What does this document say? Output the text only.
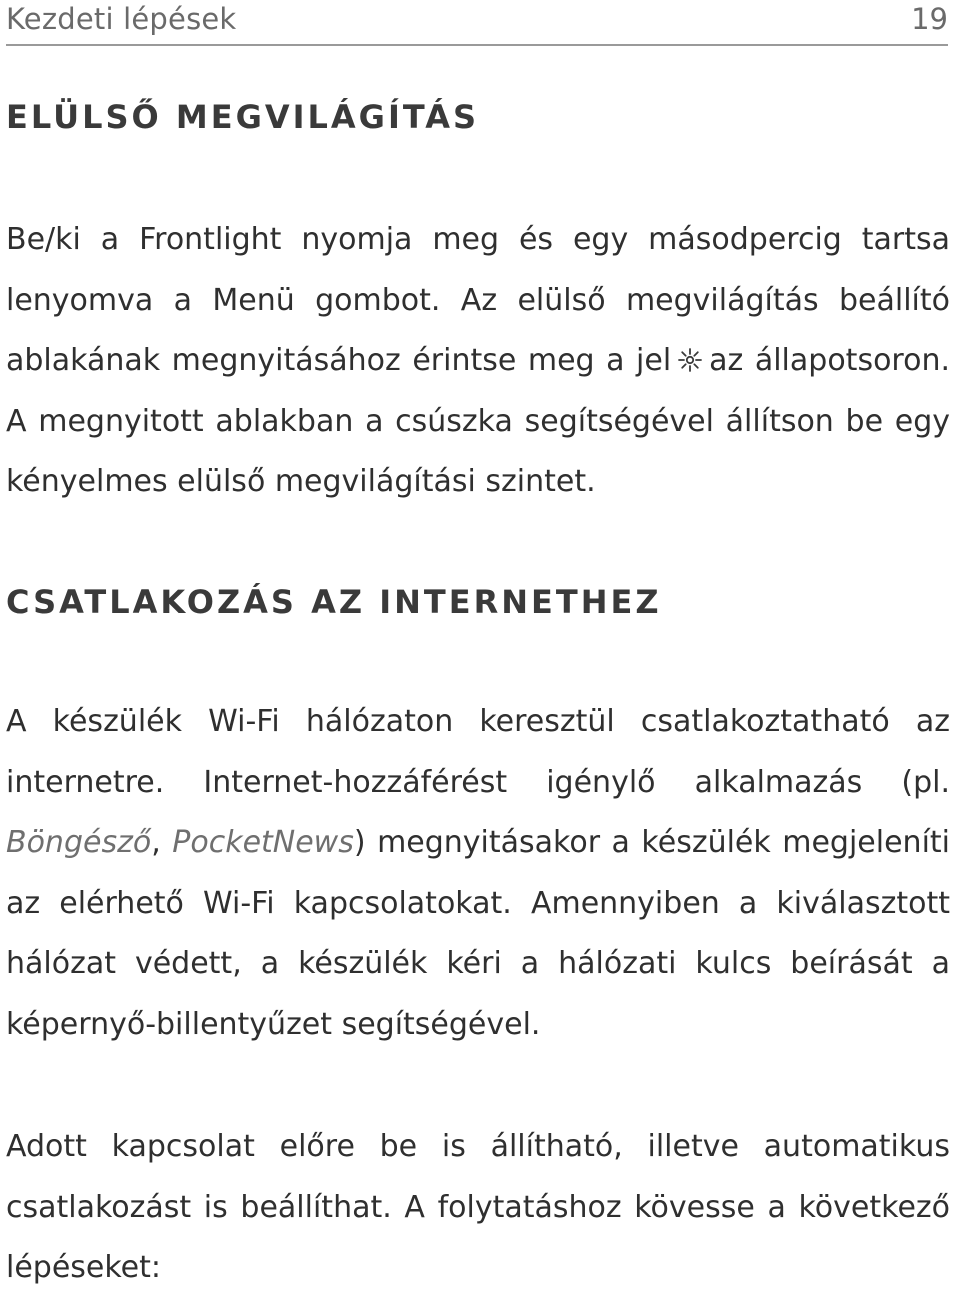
Kezdeti lépések	19
ELÜLSŐ MEGVILÁGÍTÁS

Be/ki a Frontlight nyomja meg és egy másodpercig tartsa lenyomva a Menü gombot. Az elülső megvilágítás beállító ablakának megnyitásához érintse meg a jel az állapotsoron. A megnyitott ablakban a csúszka segítségével állítson be egy kényelmes elülső megvilágítási szintet.

CSATLAKOZÁS AZ INTERNETHEZ

A készülék Wi-Fi hálózaton keresztül csatlakoztatható az internetre. Internet-hozzáférést igénylő alkalmazás (pl. Böngésző, PocketNews) megnyitásakor a készülék megjeleníti az elérhető Wi-Fi kapcsolatokat. Amennyiben a kiválasztott hálózat védett, a készülék kéri a hálózati kulcs beírását a képernyő-billentyűzet segítségével.

Adott kapcsolat előre be is állítható, illetve automatikus csatlakozást is beállíthat. A folytatáshoz kövesse a következő lépéseket:
